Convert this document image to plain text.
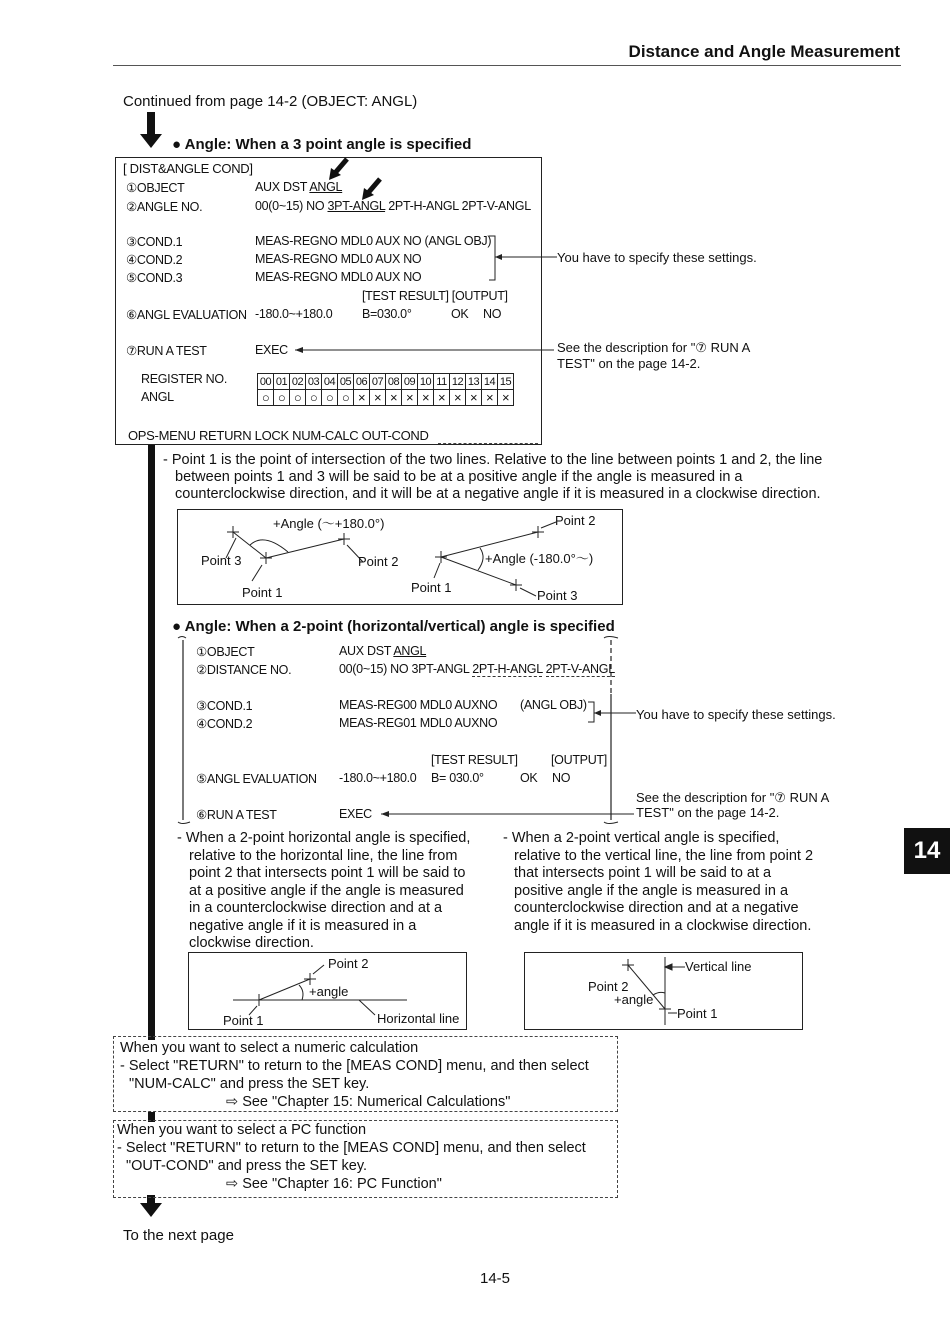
Distance and Angle Measurement
Continued from page 14-2 (OBJECT: ANGL)
● Angle: When a 3 point angle is specified
[ DIST&ANGLE COND]
①OBJECT	AUX DST ANGL
②ANGLE NO.	00(0~15) NO 3PT-ANGL 2PT-H-ANGL 2PT-V-ANGL
③COND.1	MEAS-REGNO MDL0 AUX NO (ANGL OBJ)
④COND.2	MEAS-REGNO MDL0 AUX NO
⑤COND.3	MEAS-REGNO MDL0 AUX NO
[TEST RESULT] [OUTPUT]
⑥ANGL EVALUATION -180.0~+180.0 B=030.0°	OK NO
⑦RUN A TEST	EXEC
REGISTER NO.
ANGL
00	01	02	03	04	05	06	07	08	09	10	11	12	13	14	15
○	○	○	○	○	○	×	×	×	×	×	×	×	×	×	×
OPS-MENU RETURN LOCK NUM-CALC OUT-COND
You have to specify these settings.
See the description for "⑦ RUN A
TEST" on the page 14-2.
- Point 1 is the point of intersection of the two lines. Relative to the line between points 1 and 2, the line
between points 1 and 3 will be said to be at a positive angle if the angle is measured in a
counterclockwise direction, and it will be at a negative angle if it is measured in a clockwise direction.
+Angle (～+180.0°)
Point 3	Point 2
Point 1
+Angle (-180.0°～)
Point 2
Point 1
Point 3
● Angle: When a 2-point (horizontal/vertical) angle is specified
①OBJECT	AUX DST ANGL
②DISTANCE NO.	00(0~15) NO 3PT-ANGL 2PT-H-ANGL 2PT-V-ANGL
③COND.1	MEAS-REG00 MDL0 AUXNO (ANGL OBJ)
④COND.2	MEAS-REG01 MDL0 AUXNO
[TEST RESULT]	[OUTPUT]
⑤ANGL EVALUATION -180.0~+180.0 B= 030.0°	OK NO
⑥RUN A TEST	EXEC
You have to specify these settings.
See the description for "⑦ RUN A
TEST" on the page 14-2.
- When a 2-point horizontal angle is specified,
relative to the horizontal line, the line from
point 2 that intersects point 1 will be said to
at a positive angle if the angle is measured
in a counterclockwise direction and at a
negative angle if it is measured in a
clockwise direction.
- When a 2-point vertical angle is specified,
relative to the vertical line, the line from point 2
that intersects point 1 will be said to at a
positive angle if the angle is measured in a
counterclockwise direction and at a negative
angle if it is measured in a clockwise direction.
Point 2
+angle
Point 1	Horizontal line
Vertical line
Point 2
+angle
Point 1
When you want to select a numeric calculation
- Select "RETURN" to return to the [MEAS COND] menu, and then select
"NUM-CALC" and press the SET key.
⇨ See "Chapter 15: Numerical Calculations"
When you want to select a PC function
- Select "RETURN" to return to the [MEAS COND] menu, and then select
"OUT-COND" and press the SET key.
⇨ See "Chapter 16: PC Function"
To the next page
14-5
14
